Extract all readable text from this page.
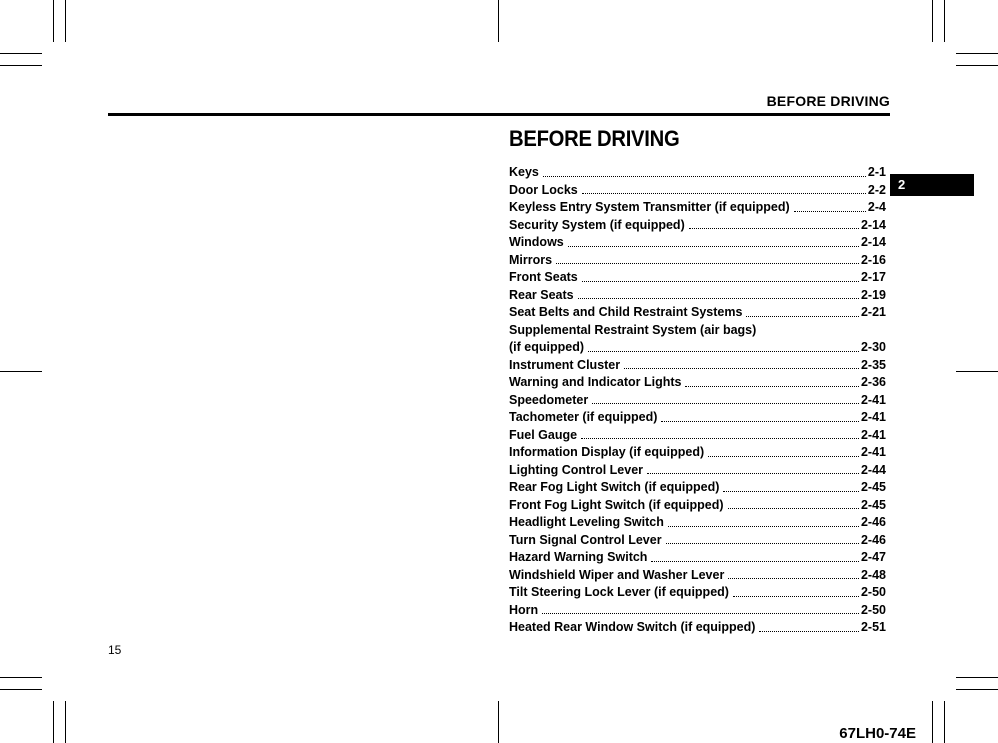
BEFORE DRIVING
BEFORE DRIVING
Keys	2-1
Door Locks	2-2
Keyless Entry System Transmitter (if equipped)	2-4
Security System (if equipped)	2-14
Windows	2-14
Mirrors	2-16
Front Seats	2-17
Rear Seats	2-19
Seat Belts and Child Restraint Systems	2-21
Supplemental Restraint System (air bags)
(if equipped)	2-30
Instrument Cluster	2-35
Warning and Indicator Lights	2-36
Speedometer	2-41
Tachometer (if equipped)	2-41
Fuel Gauge	2-41
Information Display (if equipped)	2-41
Lighting Control Lever	2-44
Rear Fog Light Switch (if equipped)	2-45
Front Fog Light Switch (if equipped)	2-45
Headlight Leveling Switch	2-46
Turn Signal Control Lever	2-46
Hazard Warning Switch	2-47
Windshield Wiper and Washer Lever	2-48
Tilt Steering Lock Lever (if equipped)	2-50
Horn	2-50
Heated Rear Window Switch (if equipped)	2-51
2
15
67LH0-74E
